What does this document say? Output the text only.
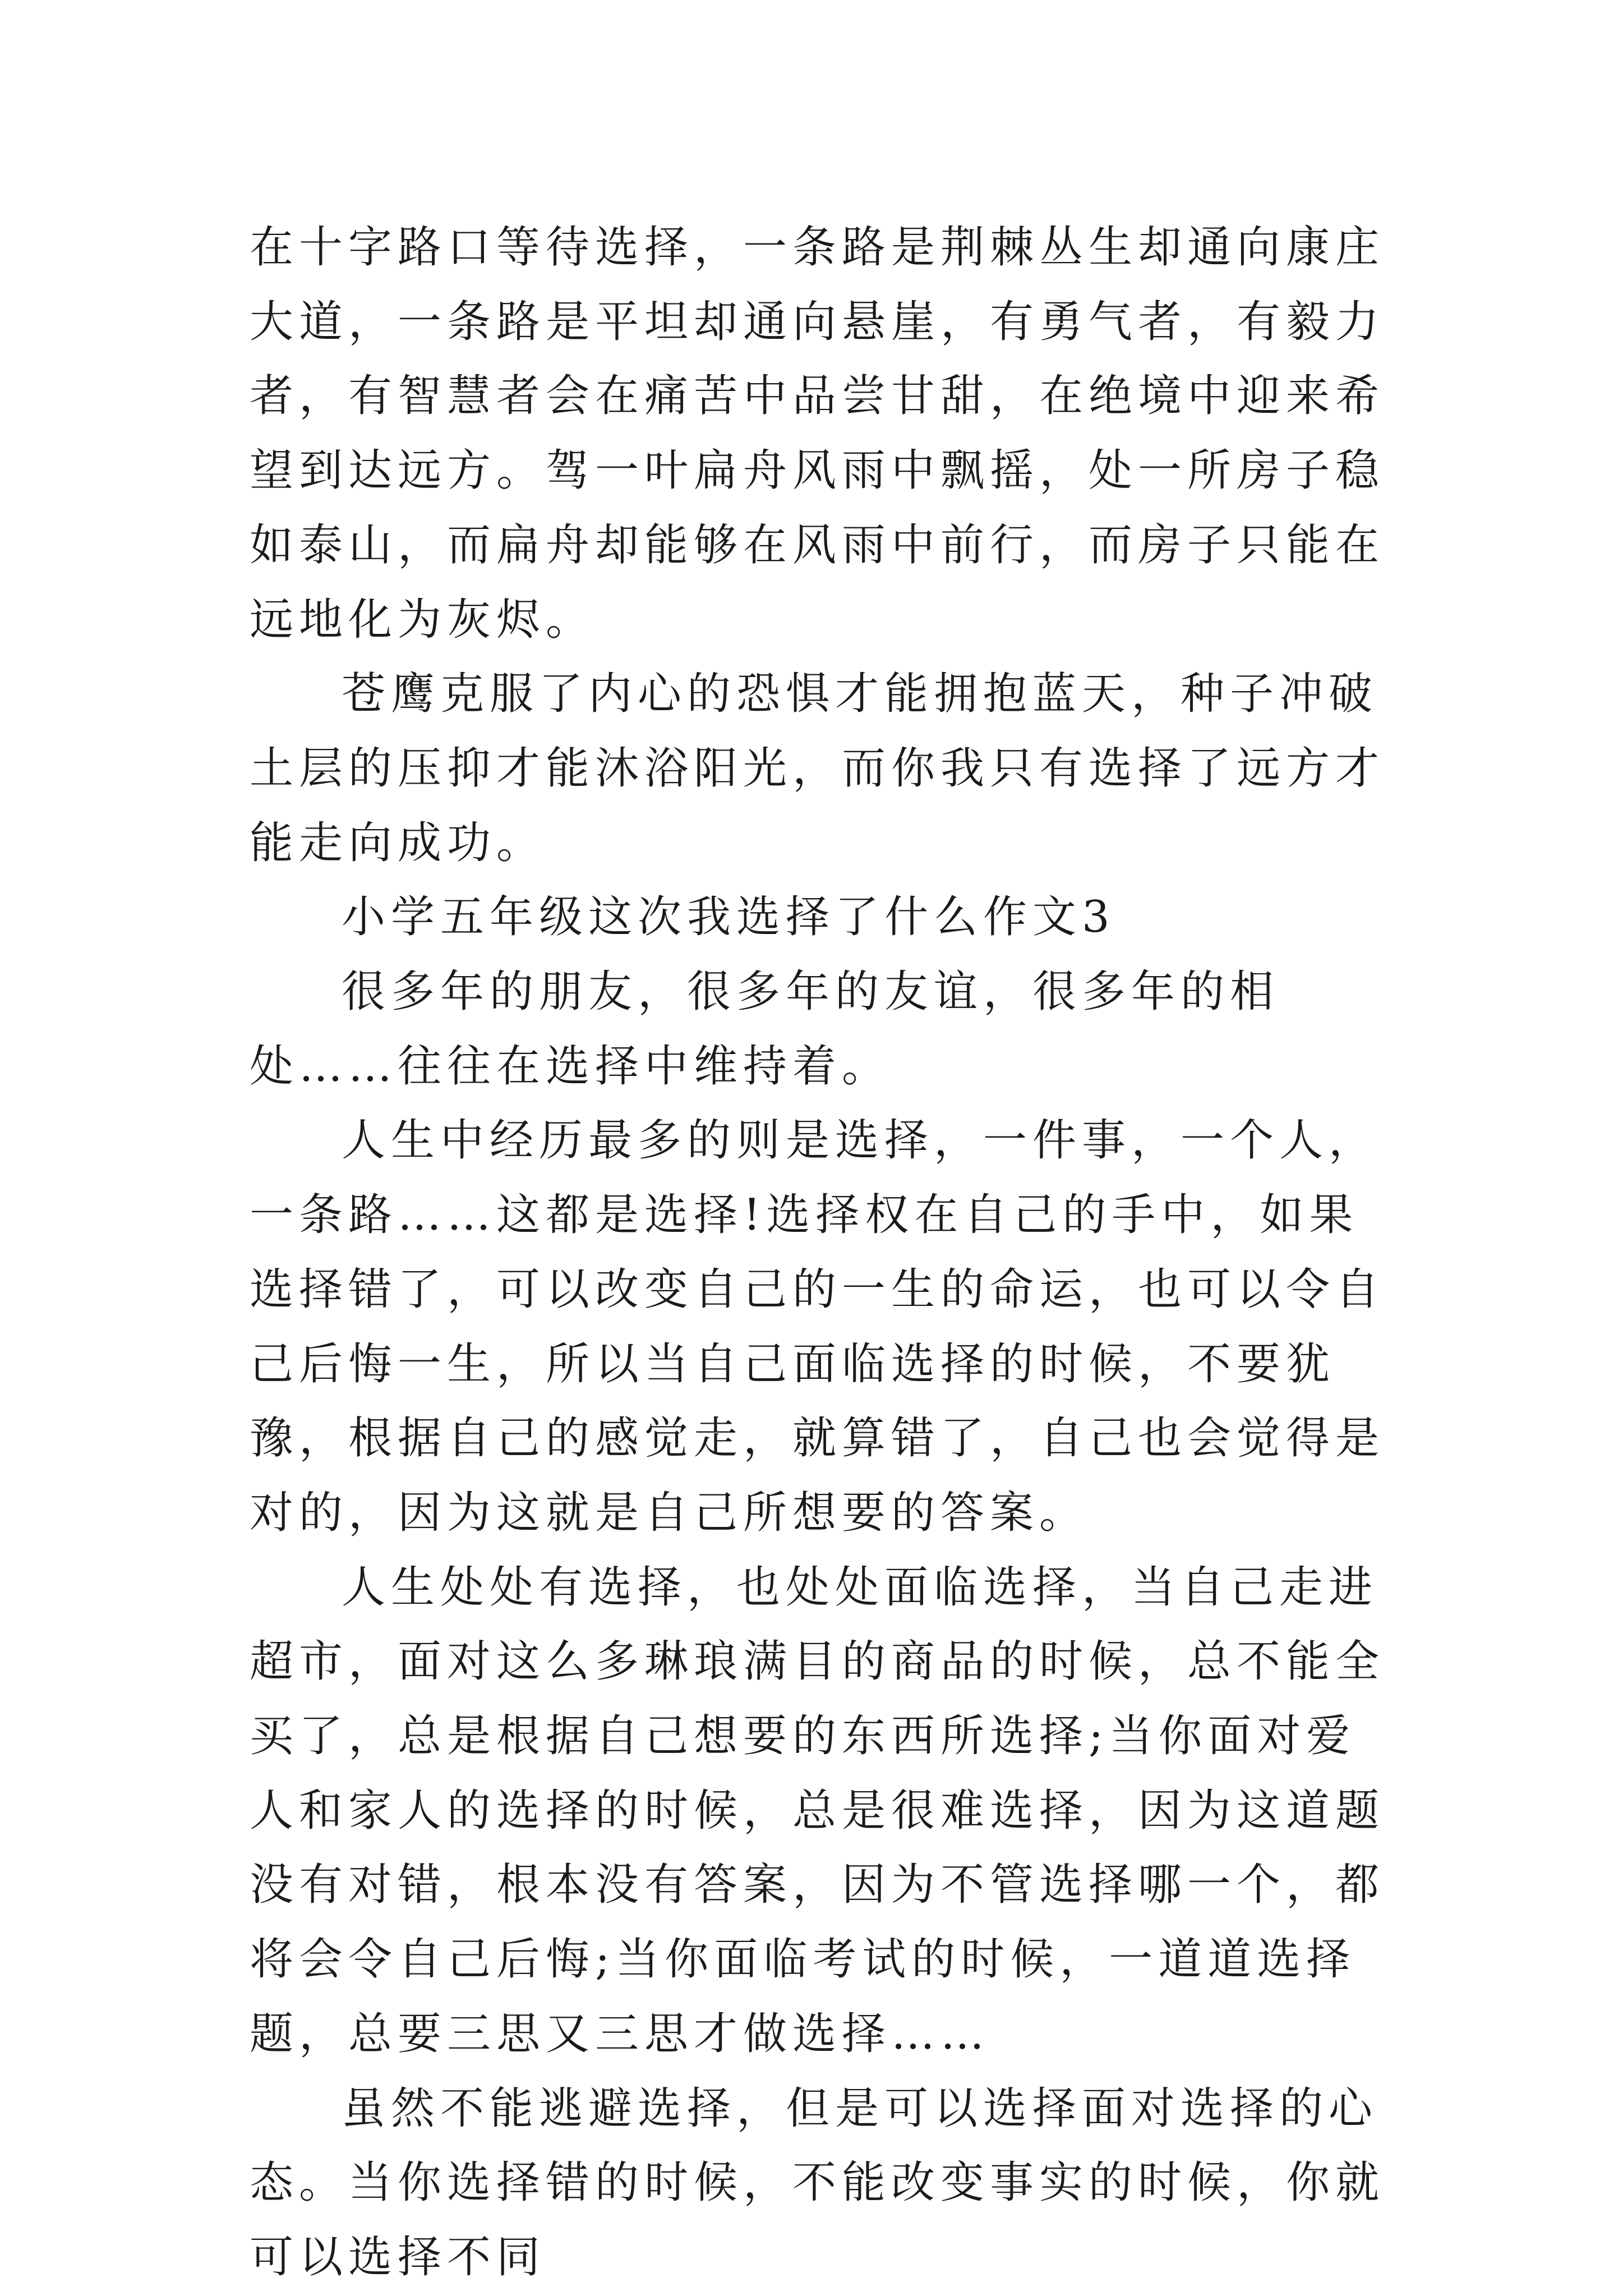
在十字路口等待选择，一条路是荆棘丛生却通向康庄大道，一条路是平坦却通向悬崖，有勇气者，有毅力者，有智慧者会在痛苦中品尝甘甜，在绝境中迎来希望到达远方。驾一叶扁舟风雨中飘摇，处一所房子稳如泰山，而扁舟却能够在风雨中前行，而房子只能在远地化为灰烬。

苍鹰克服了内心的恐惧才能拥抱蓝天，种子冲破土层的压抑才能沐浴阳光，而你我只有选择了远方才能走向成功。

小学五年级这次我选择了什么作文3

很多年的朋友，很多年的友谊，很多年的相处……往往在选择中维持着。

人生中经历最多的则是选择，一件事，一个人，一条路……这都是选择!选择权在自己的手中，如果选择错了，可以改变自己的一生的命运，也可以令自己后悔一生，所以当自己面临选择的时候，不要犹豫，根据自己的感觉走，就算错了，自己也会觉得是对的，因为这就是自己所想要的答案。

人生处处有选择，也处处面临选择，当自己走进超市，面对这么多琳琅满目的商品的时候，总不能全买了，总是根据自己想要的东西所选择;当你面对爱人和家人的选择的时候，总是很难选择，因为这道题没有对错，根本没有答案，因为不管选择哪一个，都将会令自己后悔;当你面临考试的时候，一道道选择题，总要三思又三思才做选择……

虽然不能逃避选择，但是可以选择面对选择的心态。当你选择错的时候，不能改变事实的时候，你就可以选择不同
